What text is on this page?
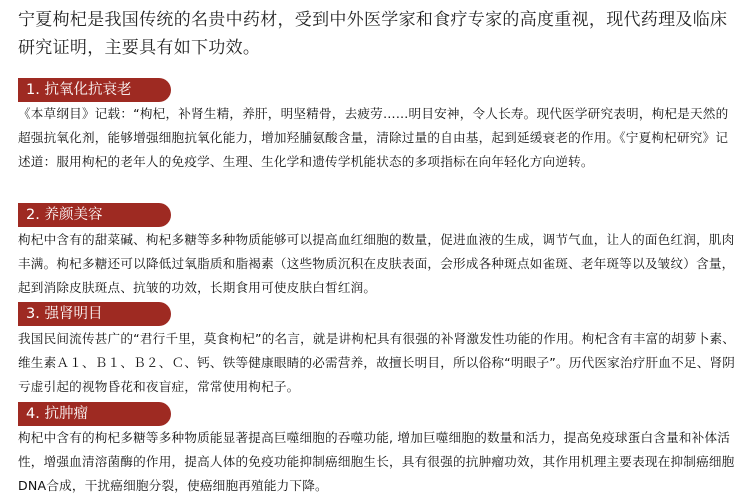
宁夏枸杞是我国传统的名贵中药材，受到中外医学家和食疗专家的高度重视，现代药理及临床研究证明，主要具有如下功效。
1. 抗氧化抗衰老
《本草纲目》记载：“枸杞，补肾生精，养肝，明坚精骨，去疲劳……明目安神，令人长寿。现代医学研究表明，枸杞是天然的超强抗氧化剂，能够增强细胞抗氧化能力，增加羟脯氨酸含量，清除过量的自由基，起到延缓衰老的作用。《宁夏枸杞研究》记述道：服用枸杞的老年人的免疫学、生理、生化学和遗传学机能状态的多项指标在向年轻化方向逆转。
2. 养颜美容
枸杞中含有的甜菜碱、枸杞多糖等多种物质能够可以提高血红细胞的数量，促进血液的生成，调节气血，让人的面色红润，肌肉丰满。枸杞多糖还可以降低过氧脂质和脂褐素（这些物质沉积在皮肤表面，会形成各种斑点如雀斑、老年斑等以及皱纹）含量，起到消除皮肤斑点、抗皱的功效，长期食用可使皮肤白皙红润。
3. 强肾明目
我国民间流传甚广的“君行千里，莫食枸杞”的名言，就是讲枸杞具有很强的补肾激发性功能的作用。枸杞含有丰富的胡萝卜素、维生素Ａ１、Ｂ１、Ｂ２、Ｃ、钙、铁等健康眼睛的必需营养，故擅长明目，所以俗称“明眼子”。历代医家治疗肝血不足、肾阴亏虚引起的视物昏花和夜盲症，常常使用枸杞子。
4. 抗肿瘤
枸杞中含有的枸杞多糖等多种物质能显著提高巨噬细胞的吞噬功能, 增加巨噬细胞的数量和活力，提高免疫球蛋白含量和补体活性，增强血清溶菌酶的作用，提高人体的免疫功能抑制癌细胞生长，具有很强的抗肿瘤功效，其作用机理主要表现在抑制癌细胞DNA合成，干扰癌细胞分裂，使癌细胞再殖能力下降。
